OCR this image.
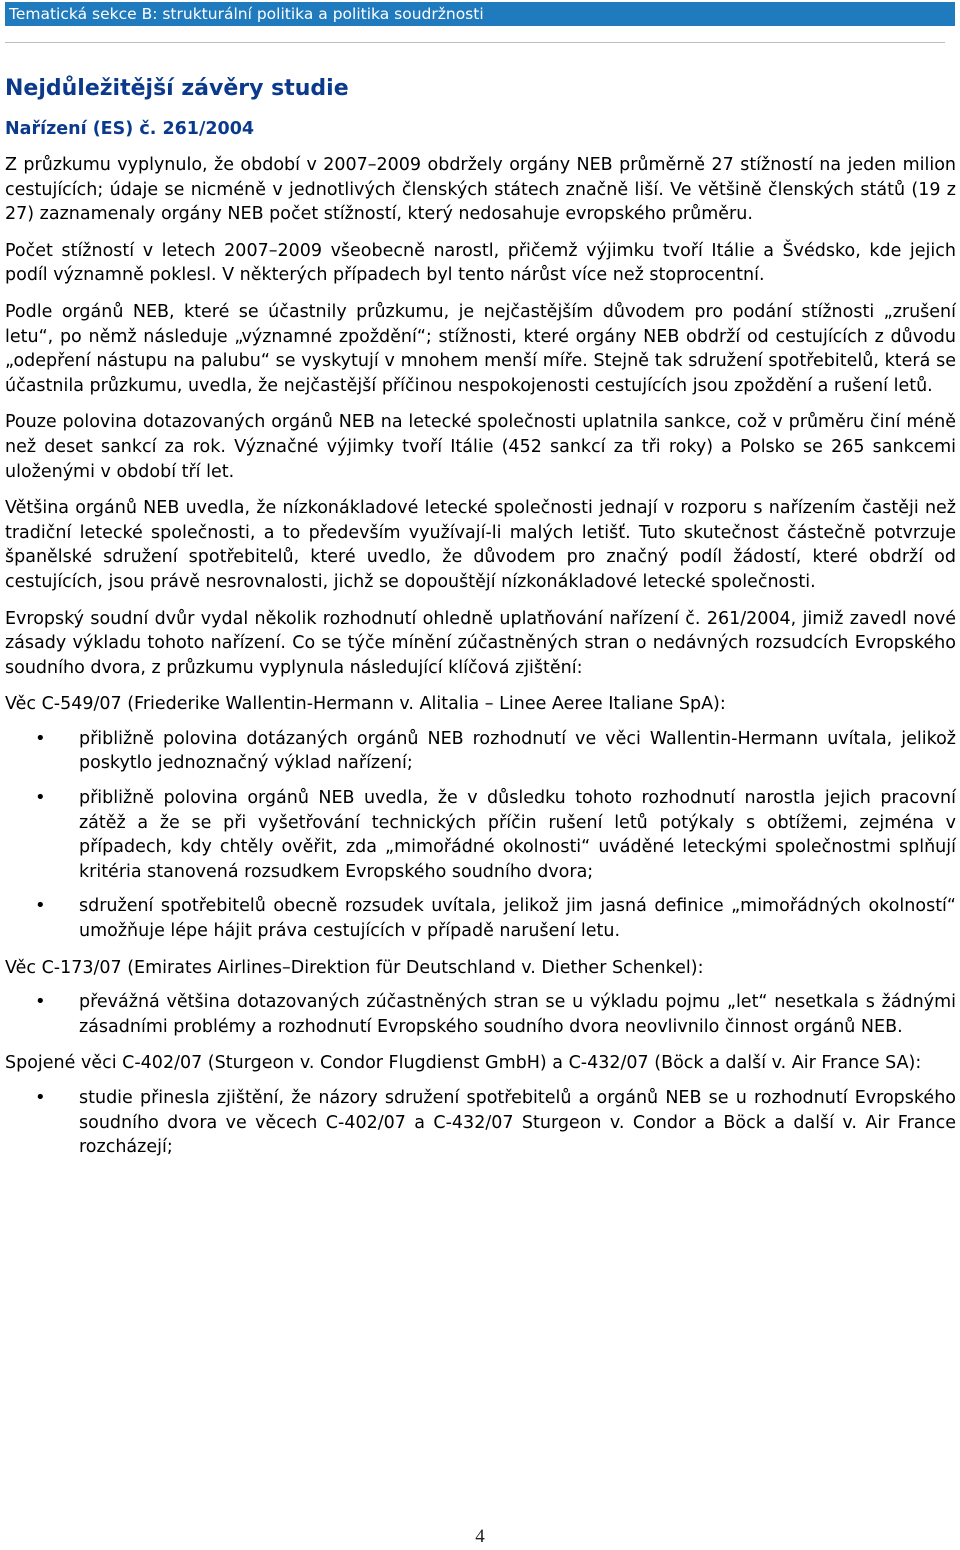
Tematická sekce B: strukturální politika a politika soudržnosti
Nejdůležitější závěry studie
Nařízení (ES) č. 261/2004

Z průzkumu vyplynulo, že období v 2007–2009 obdržely orgány NEB průměrně 27 stížností na jeden milion cestujících; údaje se nicméně v jednotlivých členských státech značně liší. Ve většině členských států (19 z 27) zaznamenaly orgány NEB počet stížností, který nedosahuje evropského průměru.

Počet stížností v letech 2007–2009 všeobecně narostl, přičemž výjimku tvoří Itálie a Švédsko, kde jejich podíl významně poklesl. V některých případech byl tento nárůst více než stoprocentní.

Podle orgánů NEB, které se účastnily průzkumu, je nejčastějším důvodem pro podání stížnosti „zrušení letu“, po němž následuje „významné zpoždění“; stížnosti, které orgány NEB obdrží od cestujících z důvodu „odepření nástupu na palubu“ se vyskytují v mnohem menší míře. Stejně tak sdružení spotřebitelů, která se účastnila průzkumu, uvedla, že nejčastější příčinou nespokojenosti cestujících jsou zpoždění a rušení letů.

Pouze polovina dotazovaných orgánů NEB na letecké společnosti uplatnila sankce, což v průměru činí méně než deset sankcí za rok. Význačné výjimky tvoří Itálie (452 sankcí za tři roky) a Polsko se 265 sankcemi uloženými v období tří let.

Většina orgánů NEB uvedla, že nízkonákladové letecké společnosti jednají v rozporu s nařízením častěji než tradiční letecké společnosti, a to především využívají-li malých letišť. Tuto skutečnost částečně potvrzuje španělské sdružení spotřebitelů, které uvedlo, že důvodem pro značný podíl žádostí, které obdrží od cestujících, jsou právě nesrovnalosti, jichž se dopouštějí nízkonákladové letecké společnosti.

Evropský soudní dvůr vydal několik rozhodnutí ohledně uplatňování nařízení č. 261/2004, jimiž zavedl nové zásady výkladu tohoto nařízení. Co se týče mínění zúčastněných stran o nedávných rozsudcích Evropského soudního dvora, z průzkumu vyplynula následující klíčová zjištění:

Věc C-549/07 (Friederike Wallentin-Hermann v. Alitalia – Linee Aeree Italiane SpA):
• přibližně polovina dotázaných orgánů NEB rozhodnutí ve věci Wallentin-Hermann uvítala, jelikož poskytlo jednoznačný výklad nařízení;
• přibližně polovina orgánů NEB uvedla, že v důsledku tohoto rozhodnutí narostla jejich pracovní zátěž a že se při vyšetřování technických příčin rušení letů potýkaly s obtížemi, zejména v případech, kdy chtěly ověřit, zda „mimořádné okolnosti“ uváděné leteckými společnostmi splňují kritéria stanovená rozsudkem Evropského soudního dvora;
• sdružení spotřebitelů obecně rozsudek uvítala, jelikož jim jasná definice „mimořádných okolností“ umožňuje lépe hájit práva cestujících v případě narušení letu.
Věc C-173/07 (Emirates Airlines–Direktion für Deutschland v. Diether Schenkel):
• převážná většina dotazovaných zúčastněných stran se u výkladu pojmu „let“ nesetkala s žádnými zásadními problémy a rozhodnutí Evropského soudního dvora neovlivnilo činnost orgánů NEB.
Spojené věci C-402/07 (Sturgeon v. Condor Flugdienst GmbH) a C-432/07 (Böck a další v. Air France SA):
• studie přinesla zjištění, že názory sdružení spotřebitelů a orgánů NEB se u rozhodnutí Evropského soudního dvora ve věcech C-402/07 a C-432/07 Sturgeon v. Condor a Böck a další v. Air France rozcházejí;
4
